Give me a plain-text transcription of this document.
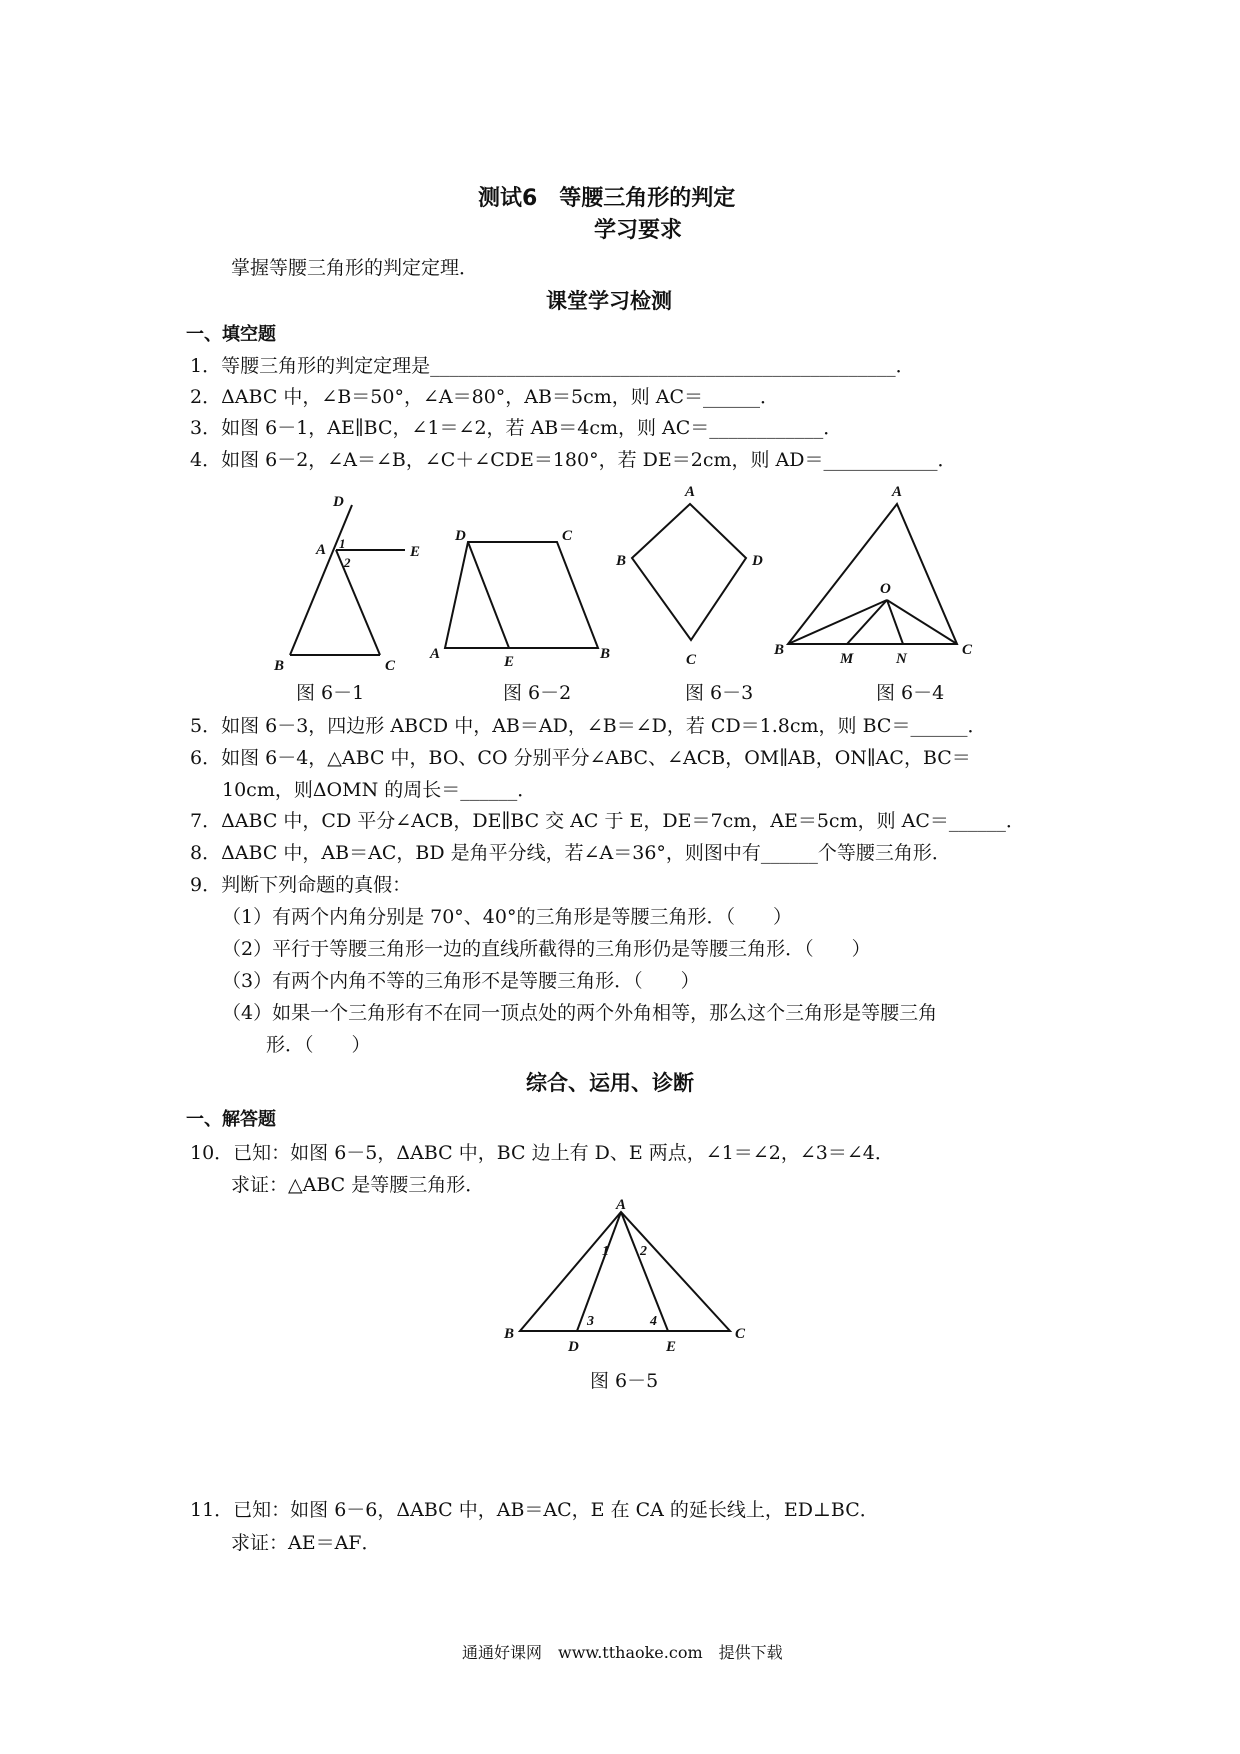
测试6　等腰三角形的判定
学习要求
掌握等腰三角形的判定定理．
课堂学习检测
一、填空题
1．等腰三角形的判定定理是_________________________________________________．
2．ΔABC 中，∠B＝50°，∠A＝80°，AB＝5cm，则 AC＝______．
3．如图 6－1，AE∥BC，∠1＝∠2，若 AB＝4cm，则 AC＝____________．
4．如图 6－2，∠A＝∠B，∠C＋∠CDE＝180°，若 DE＝2cm，则 AD＝____________．
D
A 1
2
E
B	C
D	C
A	E	B
A
B	D
C
A
O
B
M	N
C
图 6－1	图 6－2	图 6－3	图 6－4
5．如图 6－3，四边形 ABCD 中，AB＝AD，∠B＝∠D，若 CD＝1.8cm，则 BC＝______．
6．如图 6－4，△ABC 中，BO、CO 分别平分∠ABC、∠ACB，OM∥AB，ON∥AC，BC＝
10cm，则ΔOMN 的周长＝______．
7．ΔABC 中，CD 平分∠ACB，DE∥BC 交 AC 于 E，DE＝7cm，AE＝5cm，则 AC＝______．
8．ΔABC 中，AB＝AC，BD 是角平分线，若∠A＝36°，则图中有______个等腰三角形．
9．判断下列命题的真假：
（1）有两个内角分别是 70°、40°的三角形是等腰三角形．（　　）
（2）平行于等腰三角形一边的直线所截得的三角形仍是等腰三角形．（　　）
（3）有两个内角不等的三角形不是等腰三角形．（　　）
（4）如果一个三角形有不在同一顶点处的两个外角相等，那么这个三角形是等腰三角
形．（　　）
综合、运用、诊断
一、解答题
10．已知：如图 6－5，ΔABC 中，BC 边上有 D、E 两点，∠1＝∠2，∠3＝∠4．
求证：△ABC 是等腰三角形．
A
1 2
3	4
B
D	E
C
图 6－5
11．已知：如图 6－6，ΔABC 中，AB＝AC，E 在 CA 的延长线上，ED⊥BC．
求证：AE＝AF．
通通好课网　www.tthaoke.com　提供下载
